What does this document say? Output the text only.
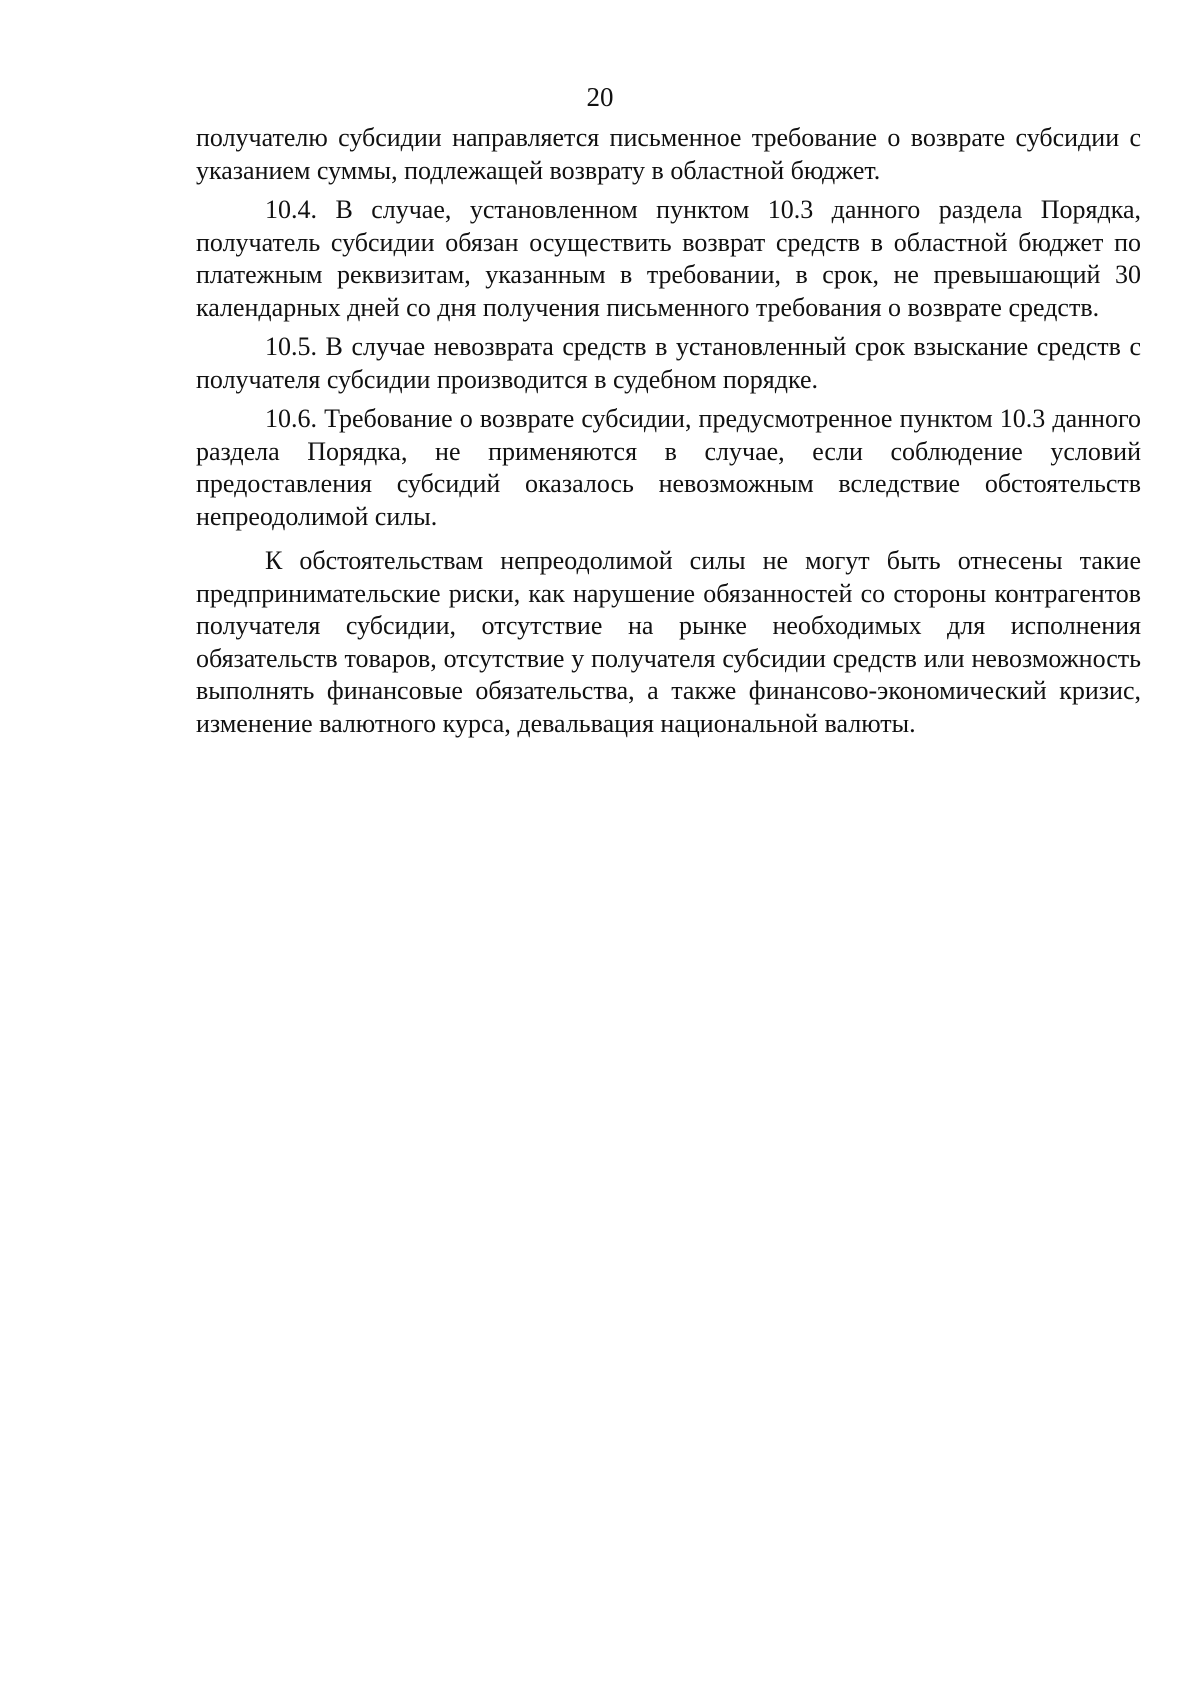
20

получателю субсидии направляется письменное требование о возврате субсидии с указанием суммы, подлежащей возврату в областной бюджет.

10.4. В случае, установленном пунктом 10.3 данного раздела Порядка, получатель субсидии обязан осуществить возврат средств в областной бюджет по платежным реквизитам, указанным в требовании, в срок, не превышающий 30 календарных дней со дня получения письменного требования о возврате средств.

10.5. В случае невозврата средств в установленный срок взыскание средств с получателя субсидии производится в судебном порядке.

10.6. Требование о возврате субсидии, предусмотренное пунктом 10.3 данного раздела Порядка, не применяются в случае, если соблюдение условий предоставления субсидий оказалось невозможным вследствие обстоятельств непреодолимой силы.

К обстоятельствам непреодолимой силы не могут быть отнесены такие предпринимательские риски, как нарушение обязанностей со стороны контрагентов получателя субсидии, отсутствие на рынке необходимых для исполнения обязательств товаров, отсутствие у получателя субсидии средств или невозможность выполнять финансовые обязательства, а также финансово-экономический кризис, изменение валютного курса, девальвация национальной валюты.
